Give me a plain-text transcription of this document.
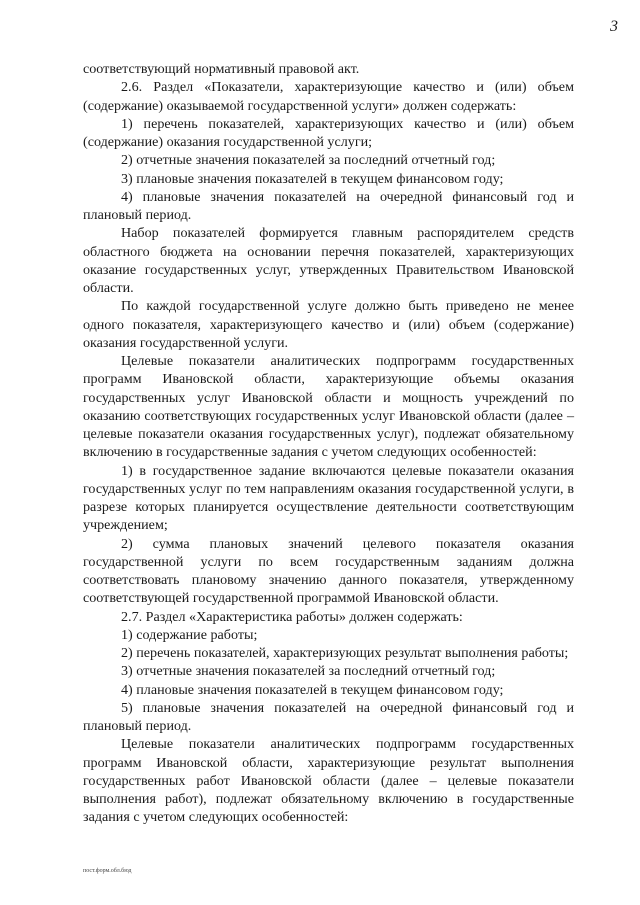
3

соответствующий нормативный правовой акт.

2.6. Раздел «Показатели, характеризующие качество и (или) объем (содержание) оказываемой государственной услуги» должен содержать:

1) перечень показателей, характеризующих качество и (или) объем (содержание) оказания государственной услуги;

2) отчетные значения показателей за последний отчетный год;

3) плановые значения показателей в текущем финансовом году;

4) плановые значения показателей на очередной финансовый год и плановый период.

Набор показателей формируется главным распорядителем средств областного бюджета на основании перечня показателей, характеризующих оказание государственных услуг, утвержденных Правительством Ивановской области.

По каждой государственной услуге должно быть приведено не менее одного показателя, характеризующего качество и (или) объем (содержание) оказания государственной услуги.

Целевые показатели аналитических подпрограмм государственных программ Ивановской области, характеризующие объемы оказания государственных услуг Ивановской области и мощность учреждений по оказанию соответствующих государственных услуг Ивановской области (далее – целевые показатели оказания государственных услуг), подлежат обязательному включению в государственные задания с учетом следующих особенностей:

1) в государственное задание включаются целевые показатели оказания государственных услуг по тем направлениям оказания государственной услуги, в разрезе которых планируется осуществление деятельности соответствующим учреждением;

2) сумма плановых значений целевого показателя оказания государственной услуги по всем государственным заданиям должна соответствовать плановому значению данного показателя, утвержденному соответствующей государственной программой Ивановской области.

2.7. Раздел «Характеристика работы» должен содержать:

1) содержание работы;

2) перечень показателей, характеризующих результат выполнения работы;

3) отчетные значения показателей за последний отчетный год;

4) плановые значения показателей в текущем финансовом году;

5) плановые значения показателей на очередной финансовый год и плановый период.

Целевые показатели аналитических подпрограмм государственных программ Ивановской области, характеризующие результат выполнения государственных работ Ивановской области (далее – целевые показатели выполнения работ), подлежат обязательному включению в государственные задания с учетом следующих особенностей:

пост.форм.обл.бюд
